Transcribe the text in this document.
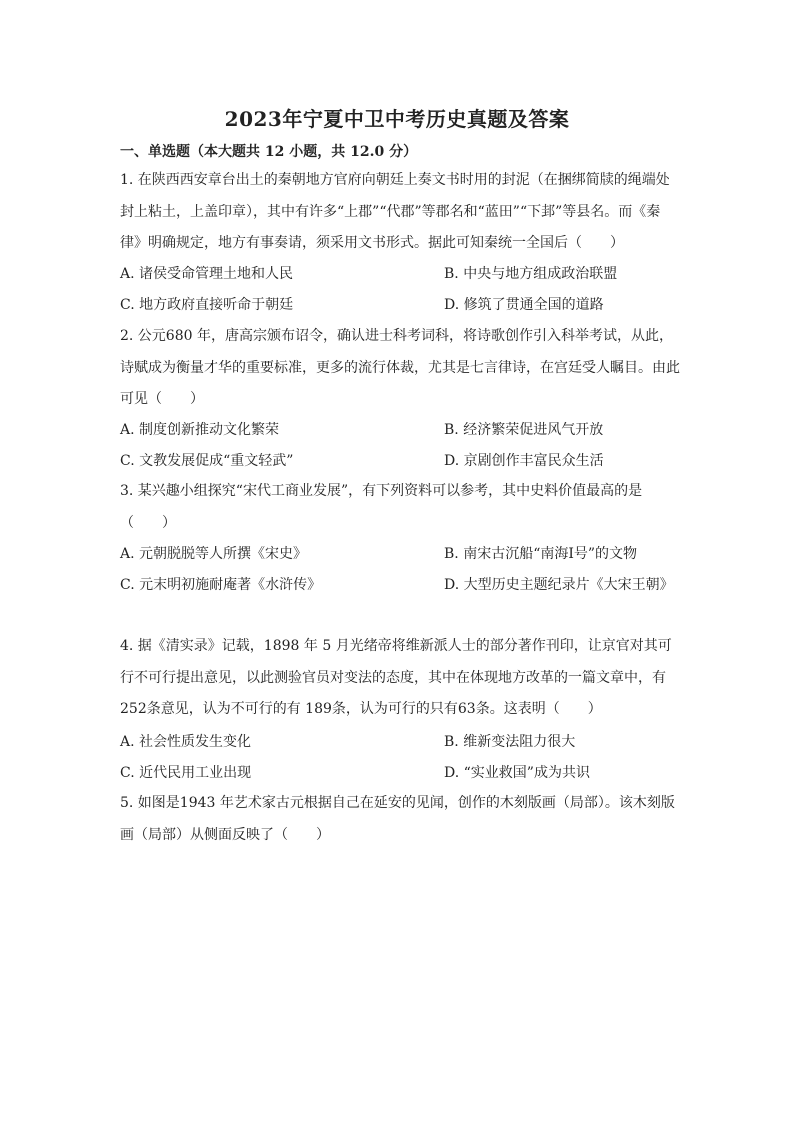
2023年宁夏中卫中考历史真题及答案
一、单选题（本大题共 12 小题，共 12.0 分）
1. 在陕西西安章台出土的秦朝地方官府向朝廷上奏文书时用的封泥（在捆绑简牍的绳端处封上粘土，上盖印章），其中有许多“上郡”“代郡”等郡名和“蓝田”“下邽”等县名。而《秦律》明确规定，地方有事奏请，须采用文书形式。据此可知秦统一全国后（　　）
A. 诸侯受命管理土地和人民	B. 中央与地方组成政治联盟
C. 地方政府直接听命于朝廷	D. 修筑了贯通全国的道路
2. 公元680 年，唐高宗颁布诏令，确认进士科考词科，将诗歌创作引入科举考试，从此，诗赋成为衡量才华的重要标准，更多的流行体裁，尤其是七言律诗，在宫廷受人瞩目。由此可见（　　）
A. 制度创新推动文化繁荣	B. 经济繁荣促进风气开放
C. 文教发展促成“重文轻武”	D. 京剧创作丰富民众生活
3. 某兴趣小组探究“宋代工商业发展”，有下列资料可以参考，其中史料价值最高的是（　　）
A. 元朝脱脱等人所撰《宋史》	B. 南宋古沉船“南海Ⅰ号”的文物
C. 元末明初施耐庵著《水浒传》	D. 大型历史主题纪录片《大宋王朝》
4. 据《清实录》记载，1898 年 5 月光绪帝将维新派人士的部分著作刊印，让京官对其可行不可行提出意见，以此测验官员对变法的态度，其中在体现地方改革的一篇文章中，有252条意见，认为不可行的有 189条，认为可行的只有63条。这表明（　　）
A. 社会性质发生变化	B. 维新变法阻力很大
C. 近代民用工业出现	D. “实业救国”成为共识
5. 如图是1943 年艺术家古元根据自己在延安的见闻，创作的木刻版画（局部）。该木刻版画（局部）从侧面反映了（　　）
